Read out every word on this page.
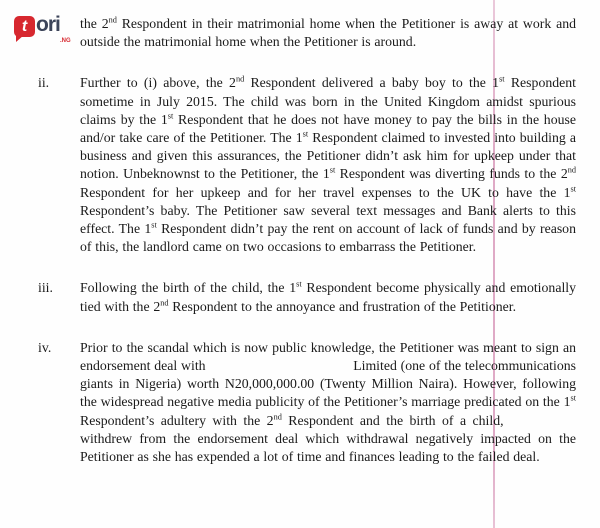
t ori
.NG
the 2nd Respondent in their matrimonial home when the Petitioner is away at work and outside the matrimonial home when the Petitioner is around.
ii.	Further to (i) above, the 2nd Respondent delivered a baby boy to the 1st Respondent sometime in July 2015. The child was born in the United Kingdom amidst spurious claims by the 1st Respondent that he does not have money to pay the bills in the house and/or take care of the Petitioner. The 1st Respondent claimed to invested into building a business and given this assurances, the Petitioner didn’t ask him for upkeep under that notion. Unbeknownst to the Petitioner, the 1st Respondent was diverting funds to the 2nd Respondent for her upkeep and for her travel expenses to the UK to have the 1st Respondent’s baby. The Petitioner saw several text messages and Bank alerts to this effect. The 1st Respondent didn’t pay the rent on account of lack of funds and by reason of this, the landlord came on two occasions to embarrass the Petitioner.
iii.	Following the birth of the child, the 1st Respondent become physically and emotionally tied with the 2nd Respondent to the annoyance and frustration of the Petitioner.
iv.	Prior to the scandal which is now public knowledge, the Petitioner was meant to sign an endorsement deal with	Limited (one of the telecommunications giants in Nigeria) worth N20,000,000.00 (Twenty Million Naira). However, following the widespread negative media publicity of the Petitioner’s marriage predicated on the 1st Respondent’s adultery with the 2nd Respondent and the birth of a child,  withdrew from the endorsement deal which withdrawal negatively impacted on the Petitioner as she has expended a lot of time and finances leading to the failed deal.
